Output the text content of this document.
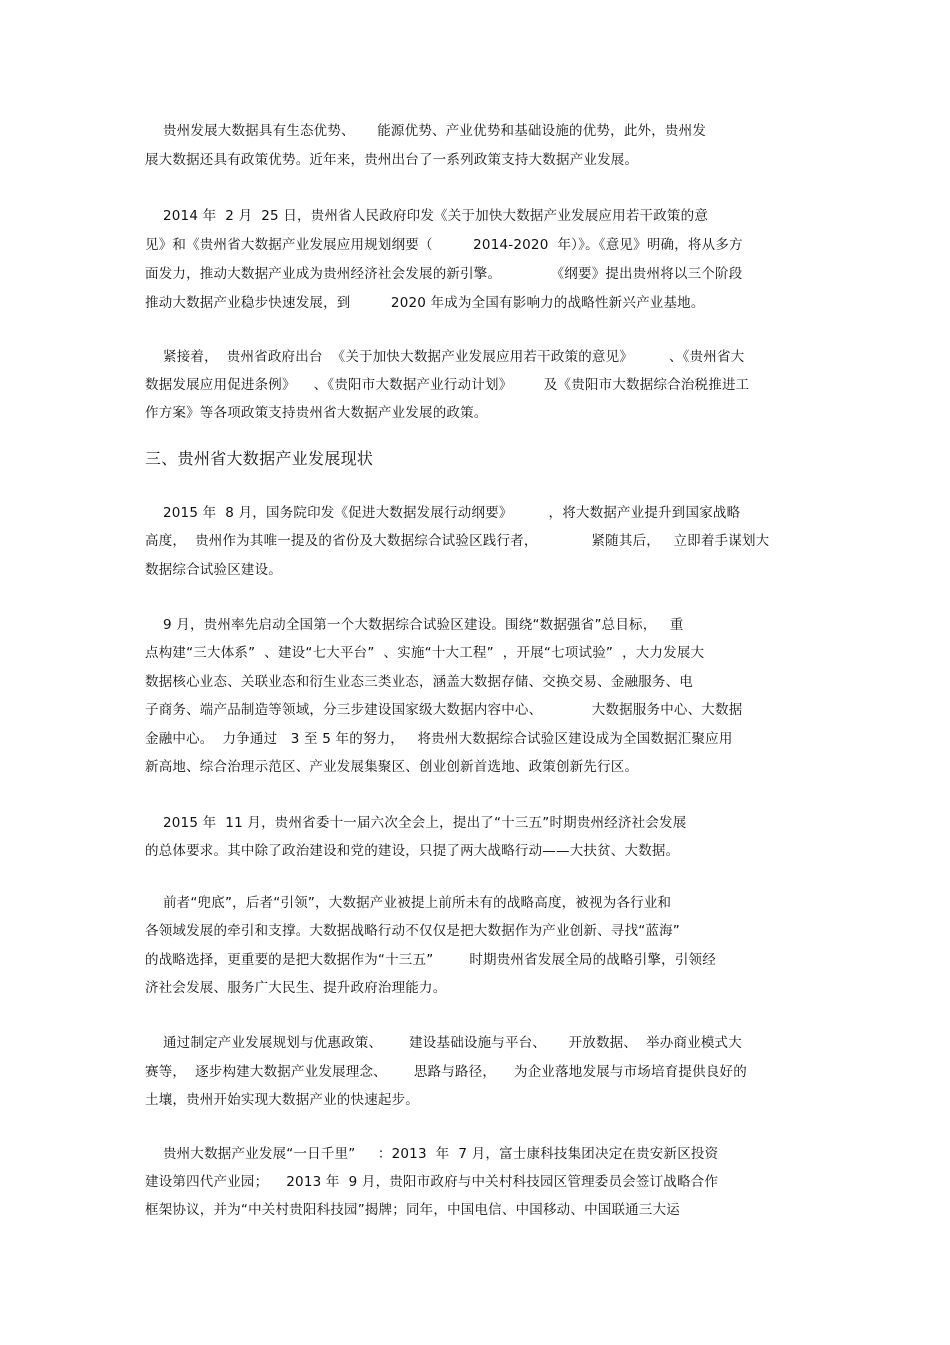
贵州发展大数据具有生态优势、     能源优势、产业优势和基础设施的优势，此外，贵州发
展大数据还具有政策优势。近年来，贵州出台了一系列政策支持大数据产业发展。
2014 年  2 月  25 日，贵州省人民政府印发《关于加快大数据产业发展应用若干政策的意
见》和《贵州省大数据产业发展应用规划纲要（         2014-2020  年）》。《意见》明确，将从多方
面发力，推动大数据产业成为贵州经济社会发展的新引擎。           《纲要》提出贵州将以三个阶段
推动大数据产业稳步快速发展，到         2020 年成为全国有影响力的战略性新兴产业基地。
紧接着，  贵州省政府出台  《关于加快大数据产业发展应用若干政策的意见》        、《贵州省大
数据发展应用促进条例》    、《贵阳市大数据产业行动计划》       及《贵阳市大数据综合治税推进工
作方案》等各项政策支持贵州省大数据产业发展的政策。
三、贵州省大数据产业发展现状
2015 年  8 月，国务院印发《促进大数据发展行动纲要》        ，将大数据产业提升到国家战略
高度，  贵州作为其唯一提及的省份及大数据综合试验区践行者，            紧随其后，   立即着手谋划大
数据综合试验区建设。
9 月，贵州率先启动全国第一个大数据综合试验区建设。围绕“数据强省”总目标，   重
点构建“三大体系”  、建设“七大平台”  、实施“十大工程”  ，开展“七项试验”  ，大力发展大
数据核心业态、关联业态和衍生业态三类业态，涵盖大数据存储、交换交易、金融服务、电
子商务、端产品制造等领域，分三步建设国家级大数据内容中心、           大数据服务中心、大数据
金融中心。  力争通过   3 至 5 年的努力，   将贵州大数据综合试验区建设成为全国数据汇聚应用
新高地、综合治理示范区、产业发展集聚区、创业创新首选地、政策创新先行区。
2015 年  11 月，贵州省委十一届六次全会上，提出了“十三五”时期贵州经济社会发展
的总体要求。其中除了政治建设和党的建设，只提了两大战略行动——大扶贫、大数据。
前者“兜底”，后者“引领”，大数据产业被提上前所未有的战略高度，被视为各行业和
各领域发展的牵引和支撑。大数据战略行动不仅仅是把大数据作为产业创新、寻找“蓝海”
的战略选择，更重要的是把大数据作为“十三五”        时期贵州省发展全局的战略引擎，引领经
济社会发展、服务广大民生、提升政府治理能力。
通过制定产业发展规划与优惠政策、      建设基础设施与平台、     开放数据、  举办商业模式大
赛等，  逐步构建大数据产业发展理念、      思路与路径，    为企业落地发展与市场培育提供良好的
土壤，贵州开始实现大数据产业的快速起步。
贵州大数据产业发展“一日千里”     ：2013  年  7 月，富士康科技集团决定在贵安新区投资
建设第四代产业园；    2013 年  9 月，贵阳市政府与中关村科技园区管理委员会签订战略合作
框架协议，并为“中关村贵阳科技园”揭牌；同年，中国电信、中国移动、中国联通三大运
